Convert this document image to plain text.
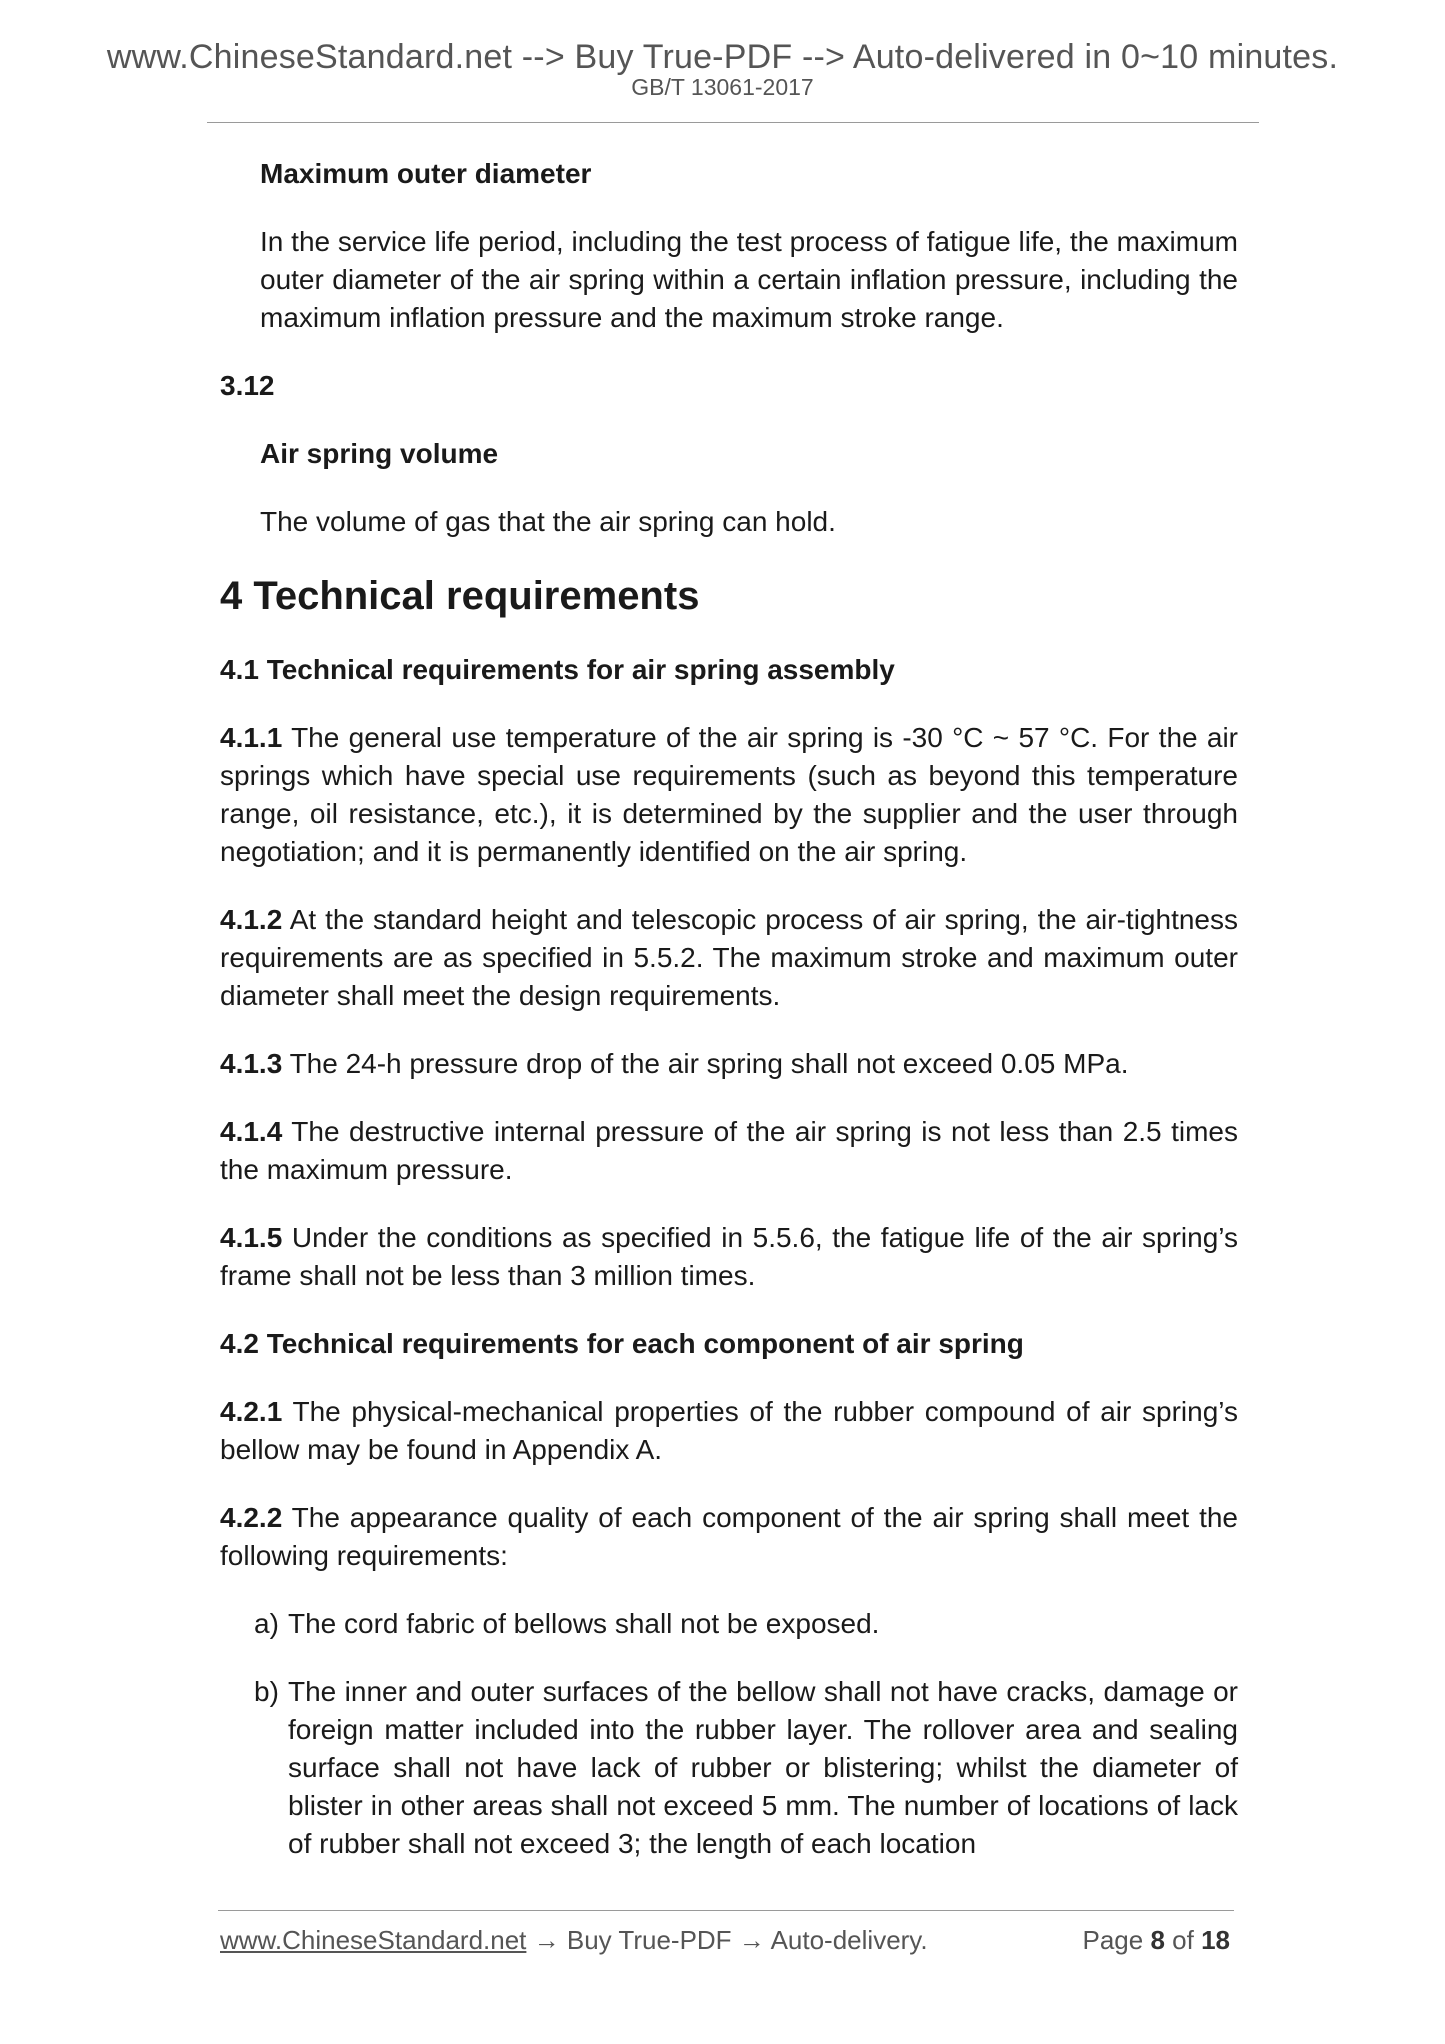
www.ChineseStandard.net --> Buy True-PDF --> Auto-delivered in 0~10 minutes.
GB/T 13061-2017
Maximum outer diameter
In the service life period, including the test process of fatigue life, the maximum outer diameter of the air spring within a certain inflation pressure, including the maximum inflation pressure and the maximum stroke range.
3.12
Air spring volume
The volume of gas that the air spring can hold.
4 Technical requirements
4.1 Technical requirements for air spring assembly
4.1.1 The general use temperature of the air spring is -30 °C ~ 57 °C. For the air springs which have special use requirements (such as beyond this temperature range, oil resistance, etc.), it is determined by the supplier and the user through negotiation; and it is permanently identified on the air spring.
4.1.2 At the standard height and telescopic process of air spring, the air-tightness requirements are as specified in 5.5.2. The maximum stroke and maximum outer diameter shall meet the design requirements.
4.1.3 The 24-h pressure drop of the air spring shall not exceed 0.05 MPa.
4.1.4 The destructive internal pressure of the air spring is not less than 2.5 times the maximum pressure.
4.1.5 Under the conditions as specified in 5.5.6, the fatigue life of the air spring’s frame shall not be less than 3 million times.
4.2 Technical requirements for each component of air spring
4.2.1 The physical-mechanical properties of the rubber compound of air spring’s bellow may be found in Appendix A.
4.2.2 The appearance quality of each component of the air spring shall meet the following requirements:
a) The cord fabric of bellows shall not be exposed.
b) The inner and outer surfaces of the bellow shall not have cracks, damage or foreign matter included into the rubber layer. The rollover area and sealing surface shall not have lack of rubber or blistering; whilst the diameter of blister in other areas shall not exceed 5 mm. The number of locations of lack of rubber shall not exceed 3; the length of each location
www.ChineseStandard.net → Buy True-PDF → Auto-delivery.	Page 8 of 18
